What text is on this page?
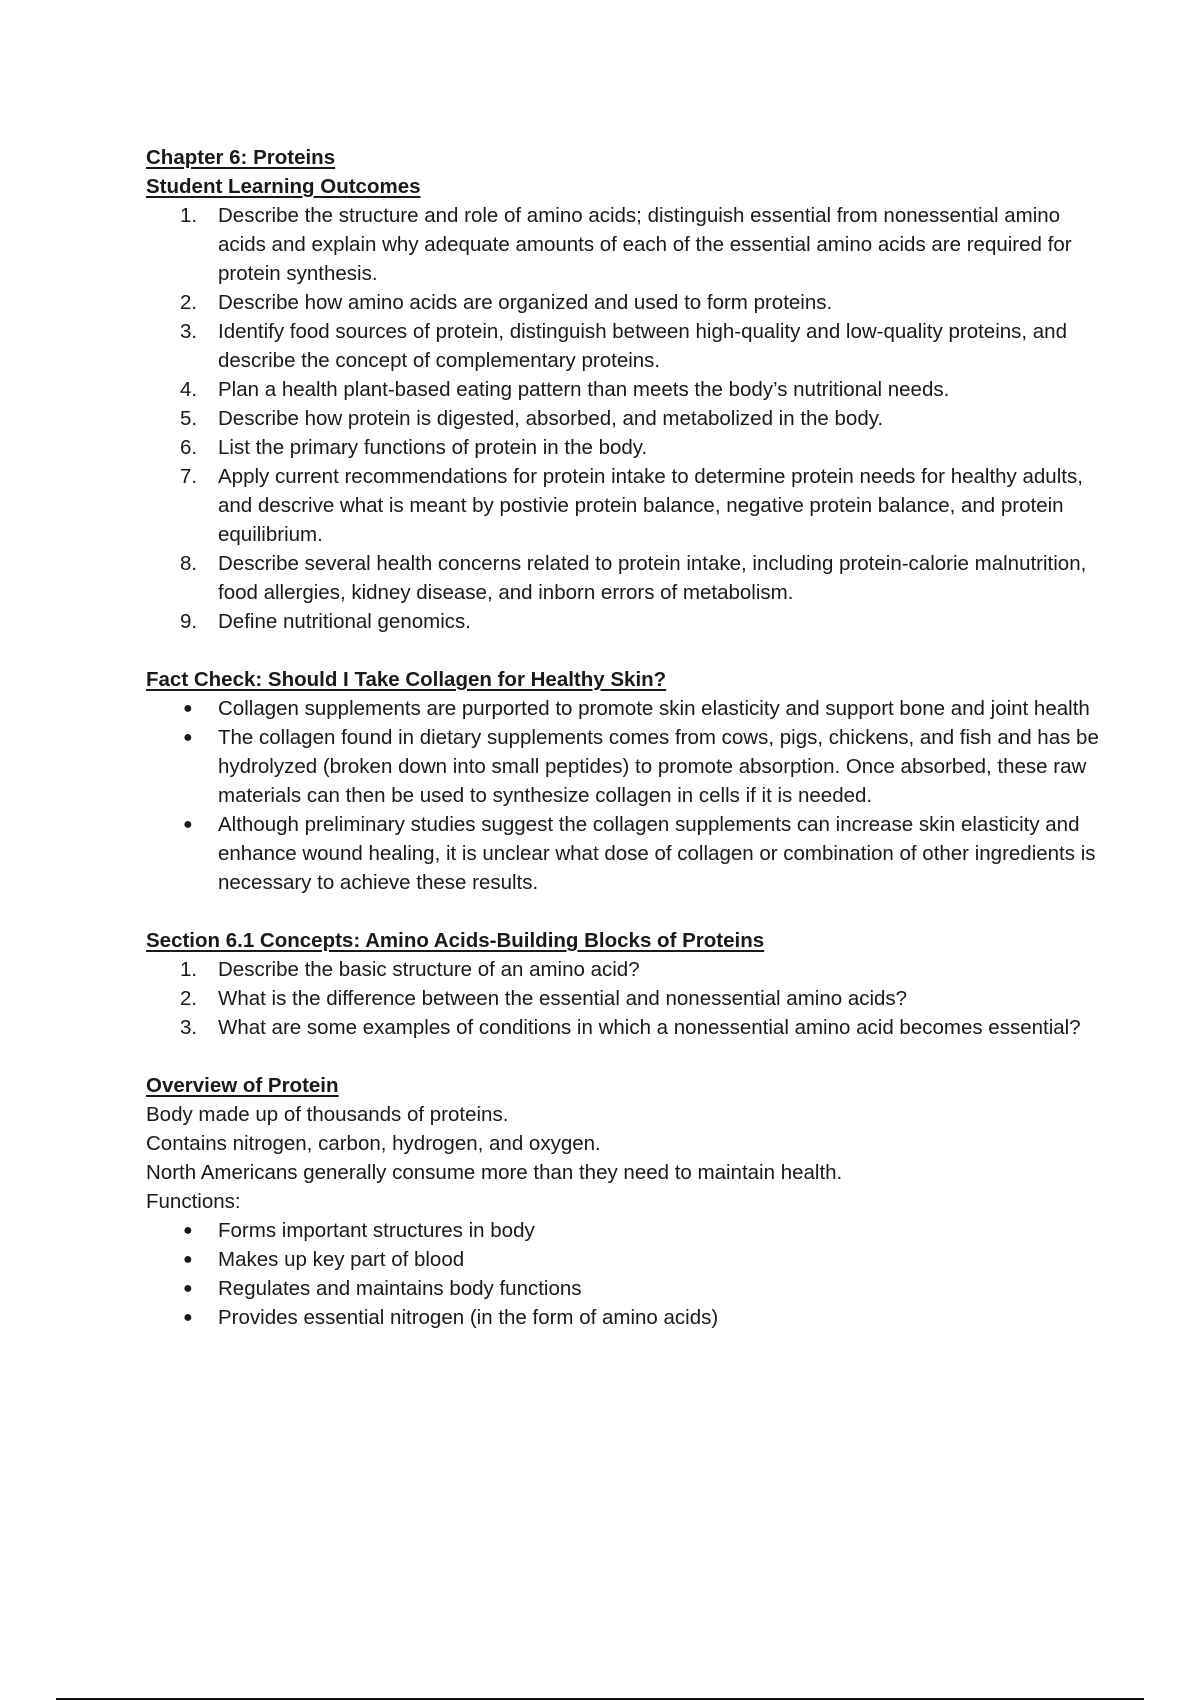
Chapter 6: Proteins

Student Learning Outcomes

1.	Describe the structure and role of amino acids; distinguish essential from nonessential amino acids and explain why adequate amounts of each of the essential amino acids are required for protein synthesis.
2.	Describe how amino acids are organized and used to form proteins.
3.	Identify food sources of protein, distinguish between high-quality and low-quality proteins, and describe the concept of complementary proteins.
4.	Plan a health plant-based eating pattern than meets the body’s nutritional needs.
5.	Describe how protein is digested, absorbed, and metabolized in the body.
6.	List the primary functions of protein in the body.
7.	Apply current recommendations for protein intake to determine protein needs for healthy adults, and descrive what is meant by postivie protein balance, negative protein balance, and protein equilibrium.
8.	Describe several health concerns related to protein intake, including protein-calorie malnutrition, food allergies, kidney disease, and inborn errors of metabolism.
9.	Define nutritional genomics.

Fact Check: Should I Take Collagen for Healthy Skin?

●	Collagen supplements are purported to promote skin elasticity and support bone and joint health
●	The collagen found in dietary supplements comes from cows, pigs, chickens, and fish and has be hydrolyzed (broken down into small peptides) to promote absorption. Once absorbed, these raw materials can then be used to synthesize collagen in cells if it is needed.
●	Although preliminary studies suggest the collagen supplements can increase skin elasticity and enhance wound healing, it is unclear what dose of collagen or combination of other ingredients is necessary to achieve these results.

Section 6.1 Concepts: Amino Acids-Building Blocks of Proteins

1.	Describe the basic structure of an amino acid?
2.	What is the difference between the essential and nonessential amino acids?
3.	What are some examples of conditions in which a nonessential amino acid becomes essential?

Overview of Protein

Body made up of thousands of proteins.

Contains nitrogen, carbon, hydrogen, and oxygen.

North Americans generally consume more than they need to maintain health.

Functions:

●	Forms important structures in body
●	Makes up key part of blood
●	Regulates and maintains body functions
●	Provides essential nitrogen (in the form of amino acids)
